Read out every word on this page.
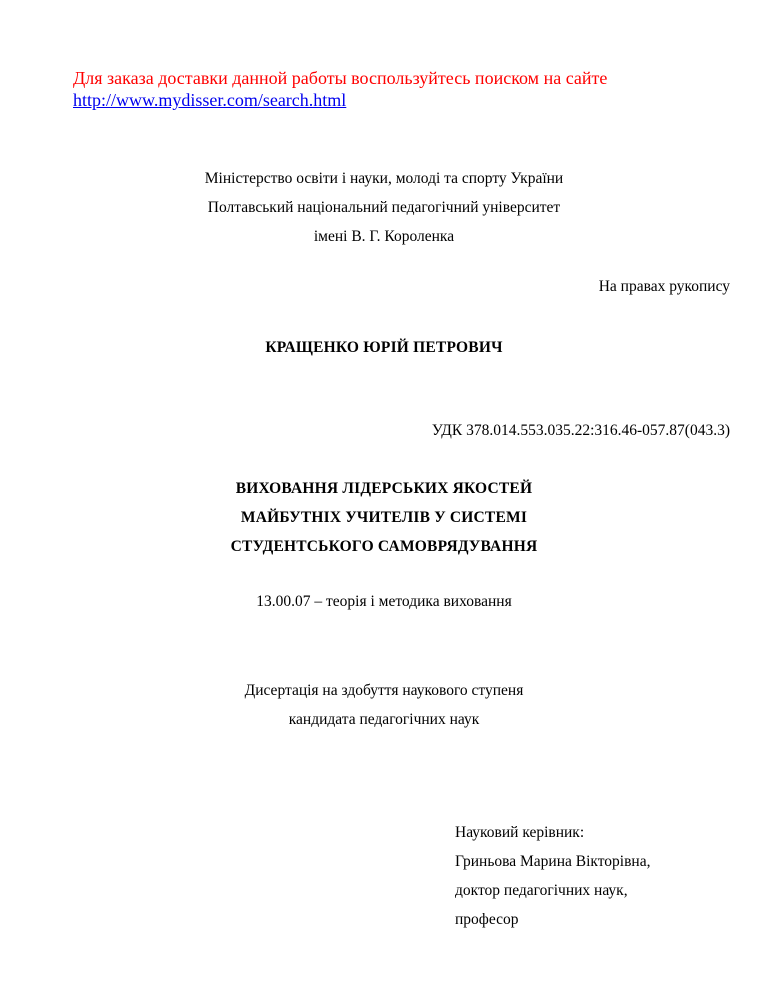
Для заказа доставки данной работы воспользуйтесь поиском на сайте
http://www.mydisser.com/search.html
Міністерство освіти і науки, молоді та спорту України
Полтавський національний педагогічний університет
імені В. Г. Короленка
На правах рукопису
КРАЩЕНКО ЮРІЙ ПЕТРОВИЧ
УДК 378.014.553.035.22:316.46-057.87(043.3)
ВИХОВАННЯ ЛІДЕРСЬКИХ ЯКОСТЕЙ
МАЙБУТНІХ УЧИТЕЛІВ У СИСТЕМІ
СТУДЕНТСЬКОГО САМОВРЯДУВАННЯ
13.00.07 – теорія і методика виховання
Дисертація на здобуття наукового ступеня
кандидата педагогічних наук
Науковий керівник:
Гриньова Марина Вікторівна,
доктор педагогічних наук,
професор
